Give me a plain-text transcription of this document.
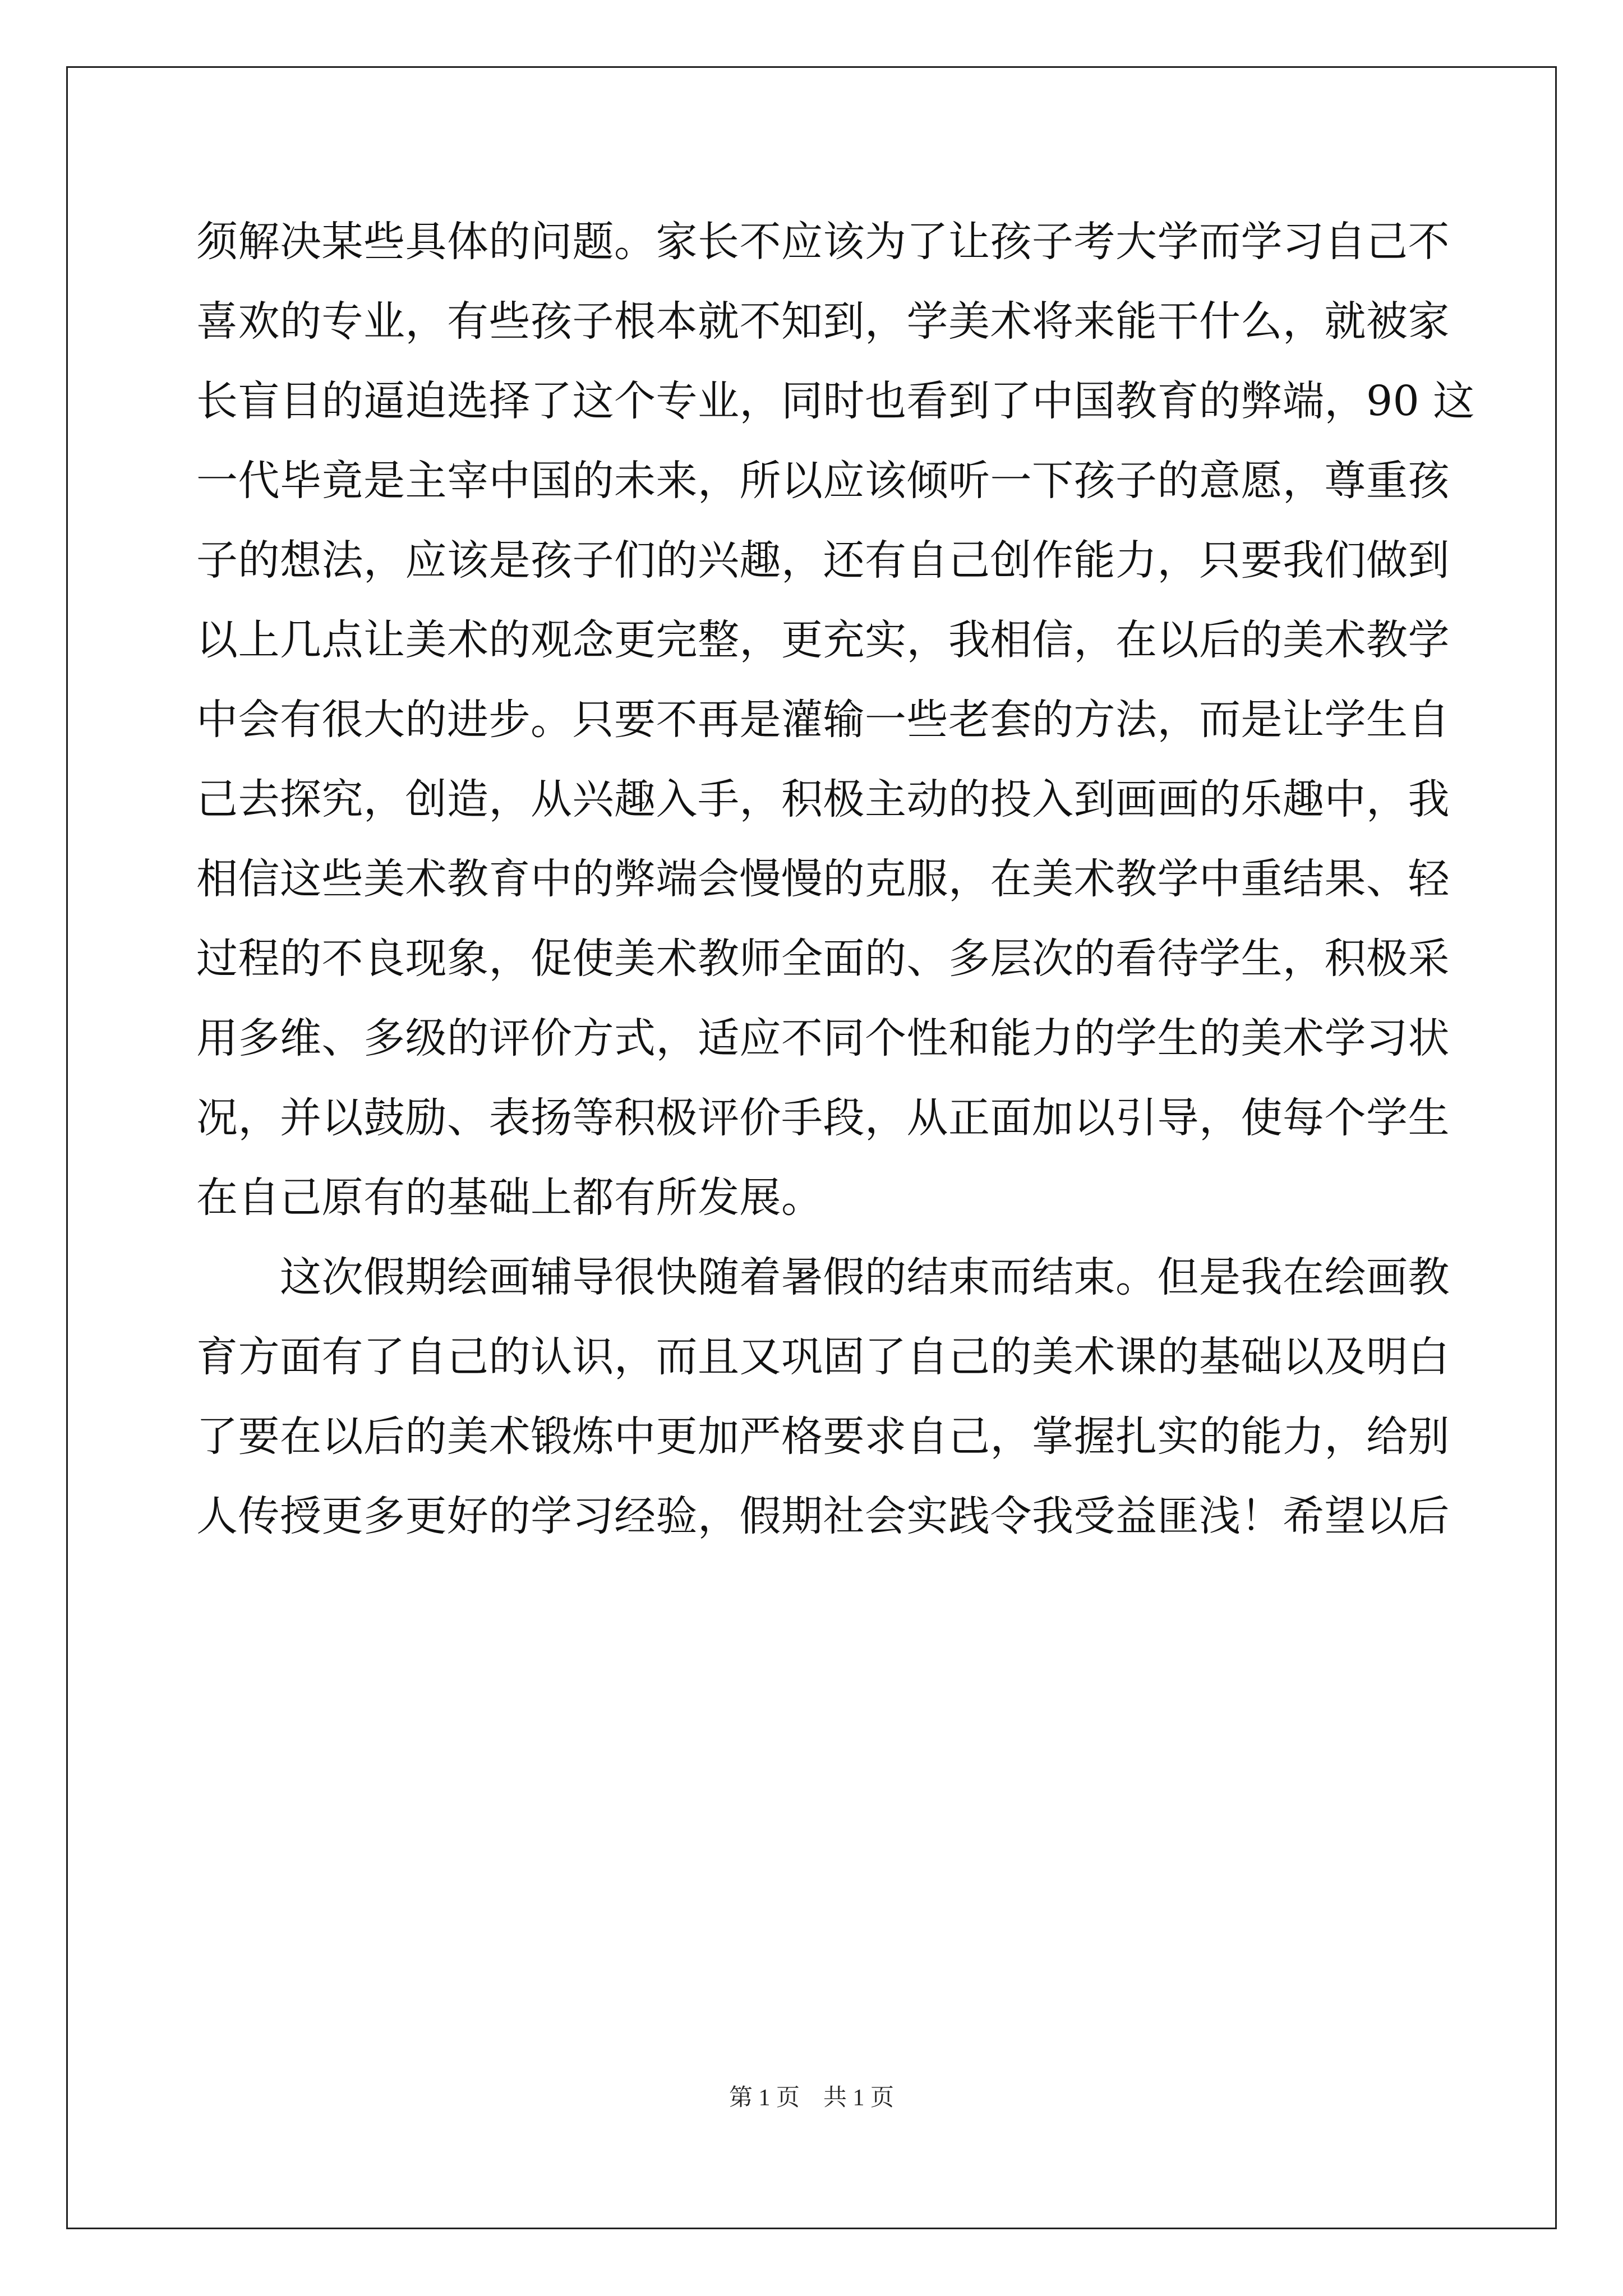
须解决某些具体的问题。家长不应该为了让孩子考大学而学习自己不
喜欢的专业，有些孩子根本就不知到，学美术将来能干什么，就被家
长盲目的逼迫选择了这个专业，同时也看到了中国教育的弊端，90 这
一代毕竟是主宰中国的未来，所以应该倾听一下孩子的意愿，尊重孩
子的想法，应该是孩子们的兴趣，还有自己创作能力，只要我们做到
以上几点让美术的观念更完整，更充实，我相信，在以后的美术教学
中会有很大的进步。只要不再是灌输一些老套的方法，而是让学生自
己去探究，创造，从兴趣入手，积极主动的投入到画画的乐趣中，我
相信这些美术教育中的弊端会慢慢的克服，在美术教学中重结果、轻
过程的不良现象，促使美术教师全面的、多层次的看待学生，积极采
用多维、多级的评价方式，适应不同个性和能力的学生的美术学习状
况，并以鼓励、表扬等积极评价手段，从正面加以引导，使每个学生
在自己原有的基础上都有所发展。
　　这次假期绘画辅导很快随着暑假的结束而结束。但是我在绘画教
育方面有了自己的认识，而且又巩固了自己的美术课的基础以及明白
了要在以后的美术锻炼中更加严格要求自己，掌握扎实的能力，给别
人传授更多更好的学习经验，假期社会实践令我受益匪浅！希望以后
第 1 页　共 1 页
